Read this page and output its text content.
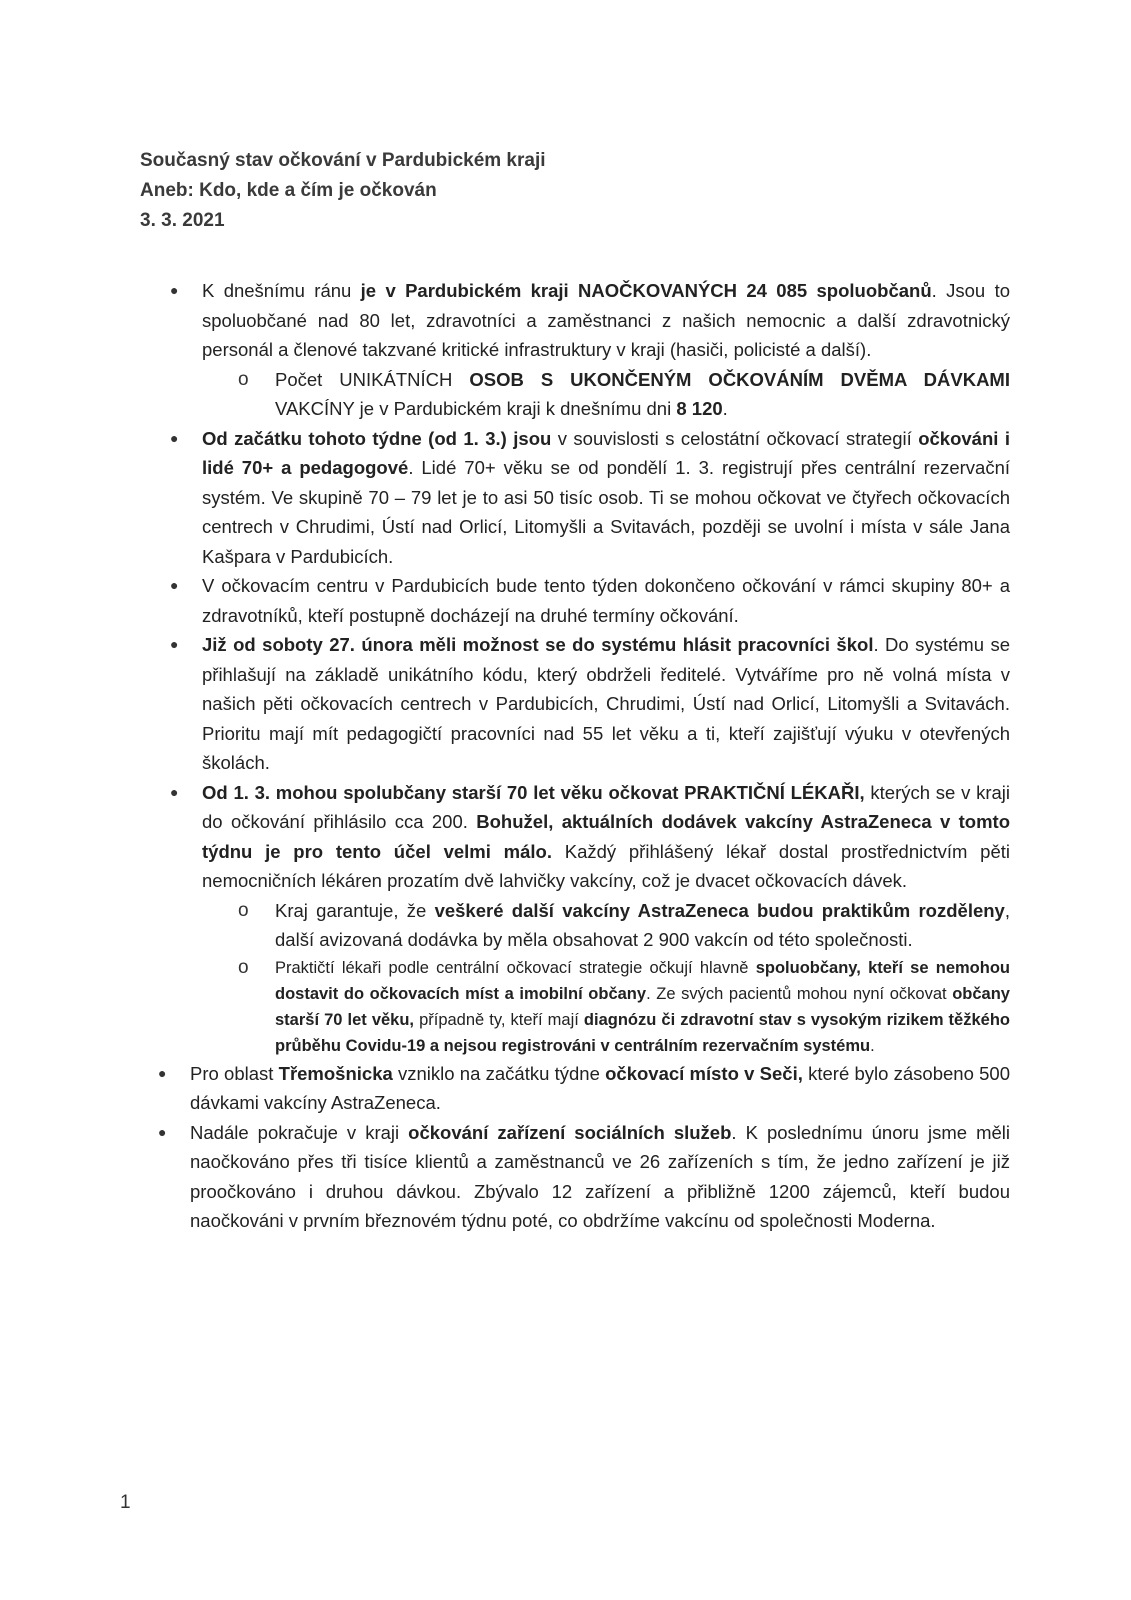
Současný stav očkování v Pardubickém kraji
Aneb: Kdo, kde a čím je očkován
3. 3. 2021
● K dnešnímu ránu je v Pardubickém kraji NAOČKOVANÝCH 24 085 spoluobčanů. Jsou to spoluobčané nad 80 let, zdravotníci a zaměstnanci z našich nemocnic a další zdravotnický personál a členové takzvané kritické infrastruktury v kraji (hasiči, policisté a další).
o Počet UNIKÁTNÍCH OSOB S UKONČENÝM OČKOVÁNÍM DVĚMA DÁVKAMI VAKCÍNY je v Pardubickém kraji k dnešnímu dni 8 120.
● Od začátku tohoto týdne (od 1. 3.) jsou v souvislosti s celostátní očkovací strategií očkováni i lidé 70+ a pedagogové. Lidé 70+ věku se od pondělí 1. 3. registrují přes centrální rezervační systém. Ve skupině 70 – 79 let je to asi 50 tisíc osob. Ti se mohou očkovat ve čtyřech očkovacích centrech v Chrudimi, Ústí nad Orlicí, Litomyšli a Svitavách, později se uvolní i místa v sále Jana Kašpara v Pardubicích.
● V očkovacím centru v Pardubicích bude tento týden dokončeno očkování v rámci skupiny 80+ a zdravotníků, kteří postupně docházejí na druhé termíny očkování.
● Již od soboty 27. února měli možnost se do systému hlásit pracovníci škol. Do systému se přihlašují na základě unikátního kódu, který obdrželi ředitelé. Vytváříme pro ně volná místa v našich pěti očkovacích centrech v Pardubicích, Chrudimi, Ústí nad Orlicí, Litomyšli a Svitavách. Prioritu mají mít pedagogičtí pracovníci nad 55 let věku a ti, kteří zajišťují výuku v otevřených školách.
● Od 1. 3. mohou spolubčany starší 70 let věku očkovat PRAKTIČNÍ LÉKAŘI, kterých se v kraji do očkování přihlásilo cca 200. Bohužel, aktuálních dodávek vakcíny AstraZeneca v tomto týdnu je pro tento účel velmi málo. Každý přihlášený lékař dostal prostřednictvím pěti nemocničních lékáren prozatím dvě lahvičky vakcíny, což je dvacet očkovacích dávek.
o Kraj garantuje, že veškeré další vakcíny AstraZeneca budou praktikům rozděleny, další avizovaná dodávka by měla obsahovat 2 900 vakcín od této společnosti.
o Praktičtí lékaři podle centrální očkovací strategie očkují hlavně spoluobčany, kteří se nemohou dostavit do očkovacích míst a imobilní občany. Ze svých pacientů mohou nyní očkovat občany starší 70 let věku, případně ty, kteří mají diagnózu či zdravotní stav s vysokým rizikem těžkého průběhu Covidu-19 a nejsou registrováni v centrálním rezervačním systému.
● Pro oblast Třemošnicka vzniklo na začátku týdne očkovací místo v Seči, které bylo zásobeno 500 dávkami vakcíny AstraZeneca.
● Nadále pokračuje v kraji očkování zařízení sociálních služeb. K poslednímu únoru jsme měli naočkováno přes tři tisíce klientů a zaměstnanců ve 26 zařízeních s tím, že jedno zařízení je již proočkováno i druhou dávkou. Zbývalo 12 zařízení a přibližně 1200 zájemců, kteří budou naočkováni v prvním březnovém týdnu poté, co obdržíme vakcínu od společnosti Moderna.
1
